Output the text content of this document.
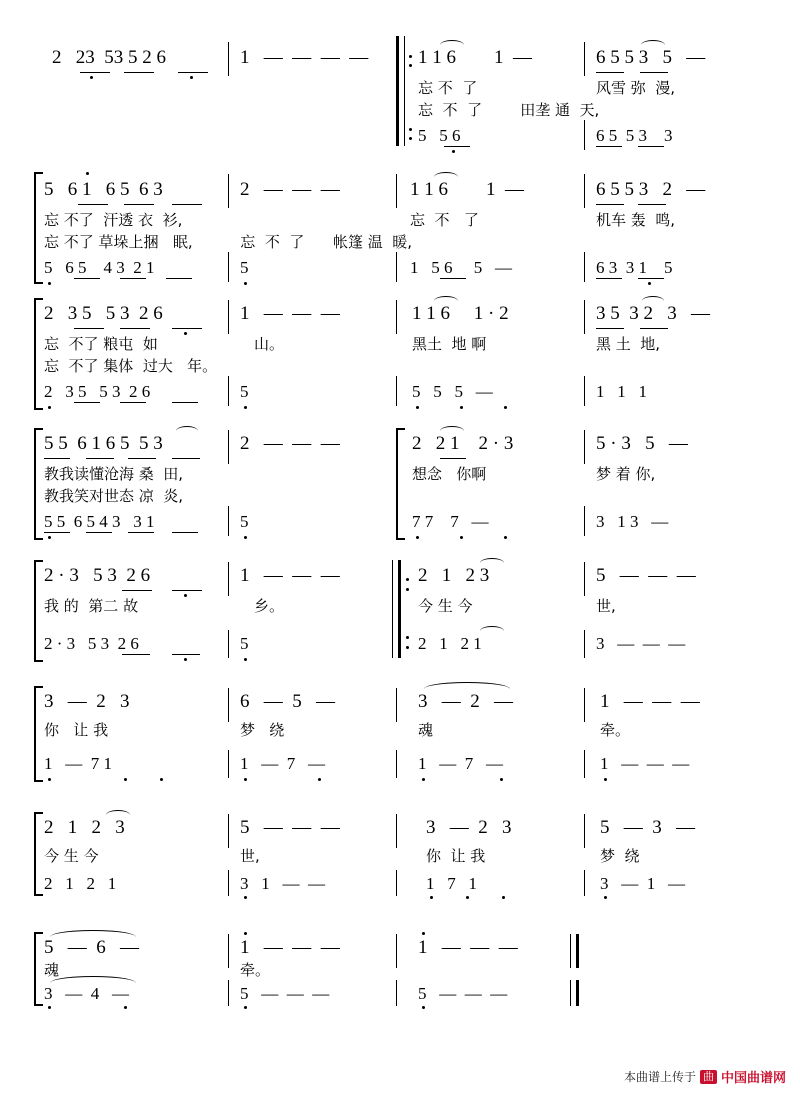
2   23  53 5 2 6	1   —  —  —  —	1 1 6        1  —
忘 不  了
5   5 6
6 5 5 3   5   —
风雪 弥  漫,
6 5  5 3    3
忘  不  了        田垄 通  天,
5   6 1   6 5  6 3
忘 不了  汗透 衣  衫,
忘 不了 草垛上捆   眠,          忘  不  了      帐篷 温  暖,
5   6 5    4 3  2 1
2   —  —  —
5
1 1 6        1  —
忘  不   了
1   5 6     5   —
6 5 5 3   2   —
机车 轰  鸣,
6 3  3 1    5
2   3 5   5 3  2 6
忘  不了 粮屯  如
忘  不了 集体  过大   年。
2   3 5   5 3  2 6
1   —  —  —
山。
5
1 1 6     1 · 2
黑土  地 啊
5   5   5   —
3 5  3 2   3   —
黑 土  地,
1   1   1
5 5  6 1 6 5  5 3
教我读懂沧海 桑  田,
教我笑对世态 凉  炎,
5 5  6 5 4 3   3 1
2   —  —  —
5
2   2 1    2 · 3
想念   你啊
7 7    7   —
5 · 3   5   —
梦 着 你,
3   1 3   —
2 · 3   5 3  2 6
我 的  第二 故
2 · 3   5 3  2 6
1   —  —  —
乡。
5
2   1   2 3
今 生 今
2   1   2 1
5   —  —  —
世,
3   —  —  —
3   —  2   3
你   让 我
1   —  7 1
6   —  5   —
梦   绕
1   —  7   —
3   —  2   —
魂
1   —  7   —
1   —  —  —
牵。
1   —  —  —
2   1   2   3
今 生 今
2   1   2   1
5   —  —  —
世,
3   1   —  —
3   —  2   3
你  让 我
1   7   1
5   —  3   —
梦  绕
3   —  1   —
5   —  6   —
魂
3   —  4   —
1   —  —  —
牵。
5   —  —  —
1   —  —  —
5   —  —  —
本曲谱上传于 曲 中国曲谱网
